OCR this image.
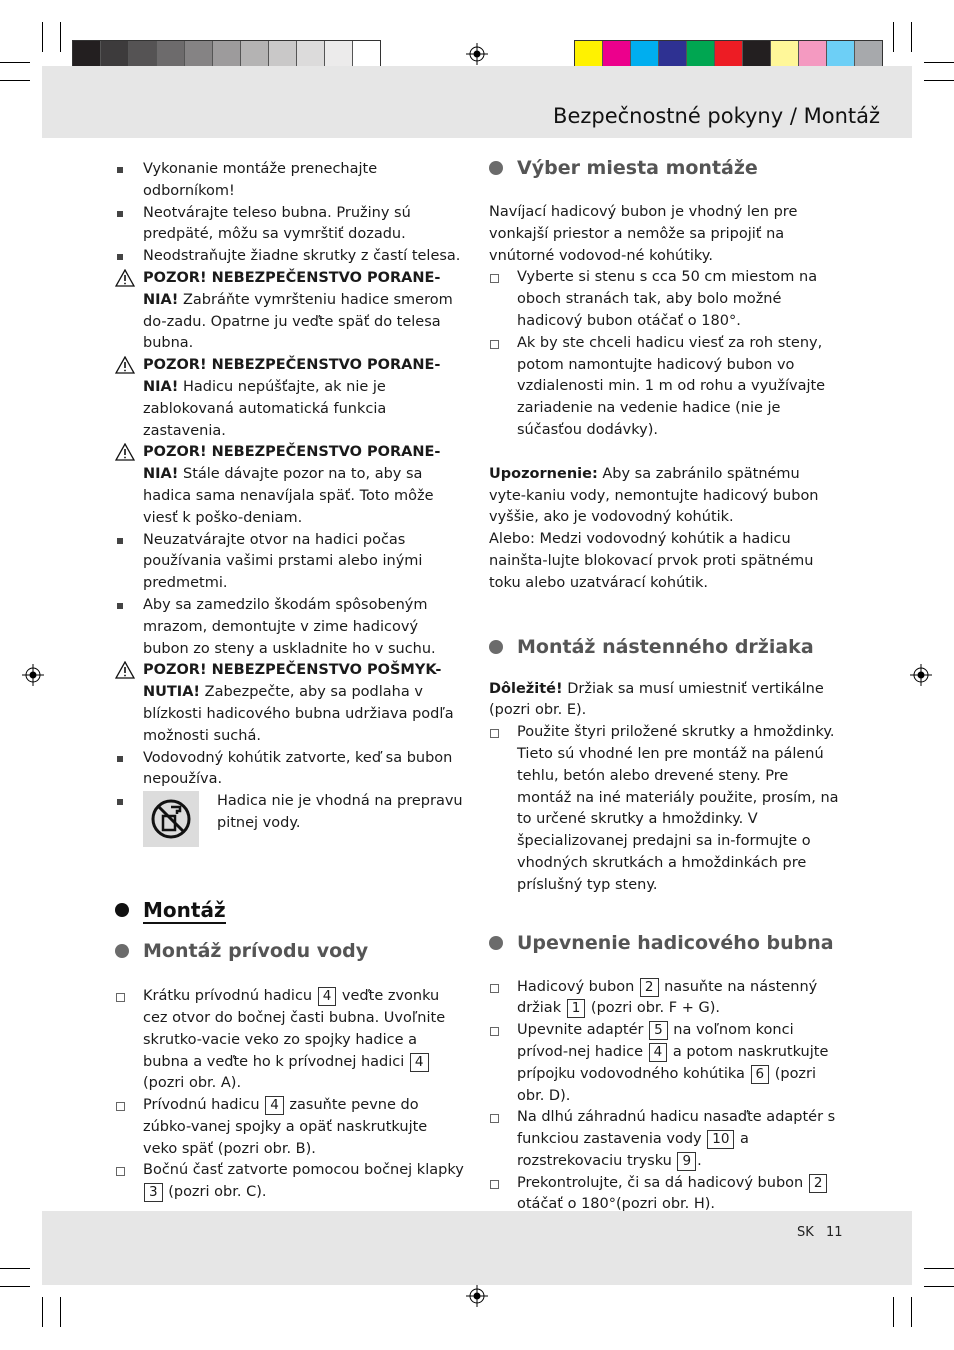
Bezpečnostné pokyny / Montáž
SK 11

Vykonanie montáže prenechajte odborníkom!

Neotvárajte teleso bubna. Pružiny sú predpäté, môžu sa vymrštiť dozadu.

Neodstraňujte žiadne skrutky z častí telesa.

POZOR! NEBEZPEČENSTVO PORANE-NIA! Zabráňte vymršteniu hadice smerom do-zadu. Opatrne ju veďte späť do telesa bubna.

POZOR! NEBEZPEČENSTVO PORANE-NIA! Hadicu nepúšťajte, ak nie je zablokovaná automatická funkcia zastavenia.

POZOR! NEBEZPEČENSTVO PORANE-NIA! Stále dávajte pozor na to, aby sa hadica sama nenavíjala späť. Toto môže viesť k poško-deniam.

Neuzatvárajte otvor na hadici počas používania vašimi prstami alebo inými predmetmi.

Aby sa zamedzilo škodám spôsobeným mrazom, demontujte v zime hadicový bubon zo steny a uskladnite ho v suchu.

POZOR! NEBEZPEČENSTVO POŠMYK-NUTIA! Zabezpečte, aby sa podlaha v blízkosti hadicového bubna udržiava podľa možnosti suchá.

Vodovodný kohútik zatvorte, keď sa bubon nepoužíva.

Hadica nie je vhodná na prepravu pitnej vody.

Montáž
Montáž prívodu vody

Krátku prívodnú hadicu 4 veďte zvonku cez otvor do bočnej časti bubna. Uvoľnite skrutko-vacie veko zo spojky hadice a bubna a veďte ho k prívodnej hadici 4 (pozri obr. A).

Prívodnú hadicu 4 zasuňte pevne do zúbko-vanej spojky a opäť naskrutkujte veko späť (pozri obr. B).

Bočnú časť zatvorte pomocou bočnej klapky 3 (pozri obr. C).

Výber miesta montáže

Navíjací hadicový bubon je vhodný len pre vonkajší priestor a nemôže sa pripojiť na vnútorné vodovod-né kohútiky.

Vyberte si stenu s cca 50 cm miestom na oboch stranách tak, aby bolo možné hadicový bubon otáčať o 180°.

Ak by ste chceli hadicu viesť za roh steny, potom namontujte hadicový bubon vo vzdialenosti min. 1 m od rohu a využívajte zariadenie na vedenie hadice (nie je súčasťou dodávky).

Upozornenie: Aby sa zabránilo spätnému vyte-kaniu vody, nemontujte hadicový bubon vyššie, ako je vodovodný kohútik.

Alebo: Medzi vodovodný kohútik a hadicu nainšta-lujte blokovací prvok proti spätnému toku alebo uzatvárací kohútik.

Montáž nástenného držiaka

Dôležité! Držiak sa musí umiestniť vertikálne (pozri obr. E).

Použite štyri priložené skrutky a hmoždinky. Tieto sú vhodné len pre montáž na pálenú tehlu, betón alebo drevené steny. Pre montáž na iné materiály použite, prosím, na to určené skrutky a hmoždinky. V špecializovanej predajni sa in-formujte o vhodných skrutkách a hmoždinkách pre príslušný typ steny.

Upevnenie hadicového bubna

Hadicový bubon 2 nasuňte na nástenný držiak 1 (pozri obr. F + G).

Upevnite adaptér 5 na voľnom konci prívod-nej hadice 4 a potom naskrutkujte prípojku vodovodného kohútika 6 (pozri obr. D).

Na dlhú záhradnú hadicu nasaďte adaptér s funkciou zastavenia vody 10 a rozstrekovaciu trysku 9 .

Prekontrolujte, či sa dá hadicový bubon 2 otáčať o 180°(pozri obr. H).
